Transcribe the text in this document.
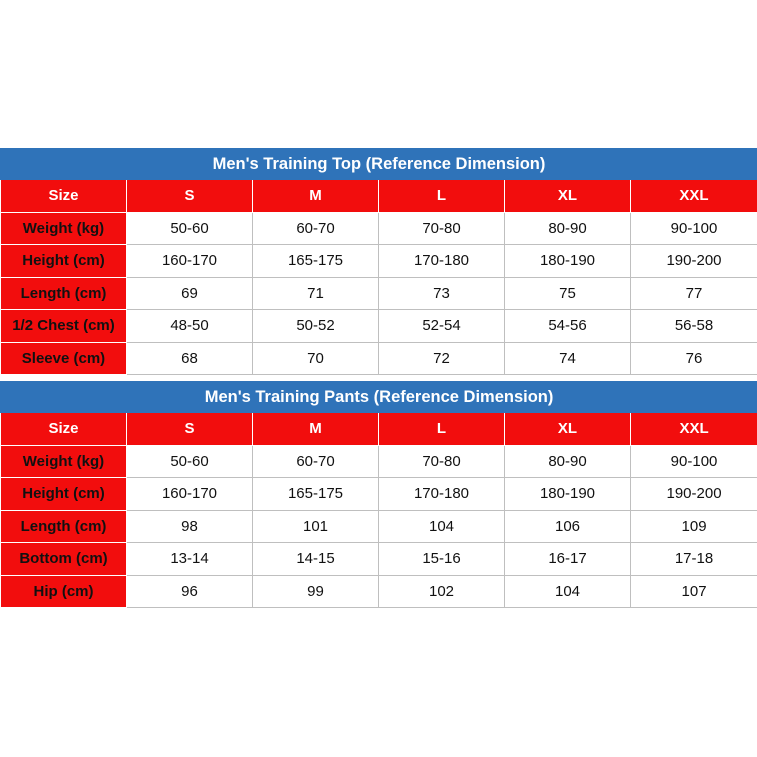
Men's Training Top (Reference Dimension)					
Size	S	M	L	XL	XXL
Weight (kg)	50-60	60-70	70-80	80-90	90-100
Height (cm)	160-170	165-175	170-180	180-190	190-200
Length (cm)	69	71	73	75	77
1/2 Chest (cm)	48-50	50-52	52-54	54-56	56-58
Sleeve (cm)	68	70	72	74	76
Men's Training Pants (Reference Dimension)					
Size	S	M	L	XL	XXL
Weight (kg)	50-60	60-70	70-80	80-90	90-100
Height (cm)	160-170	165-175	170-180	180-190	190-200
Length (cm)	98	101	104	106	109
Bottom (cm)	13-14	14-15	15-16	16-17	17-18
Hip (cm)	96	99	102	104	107
